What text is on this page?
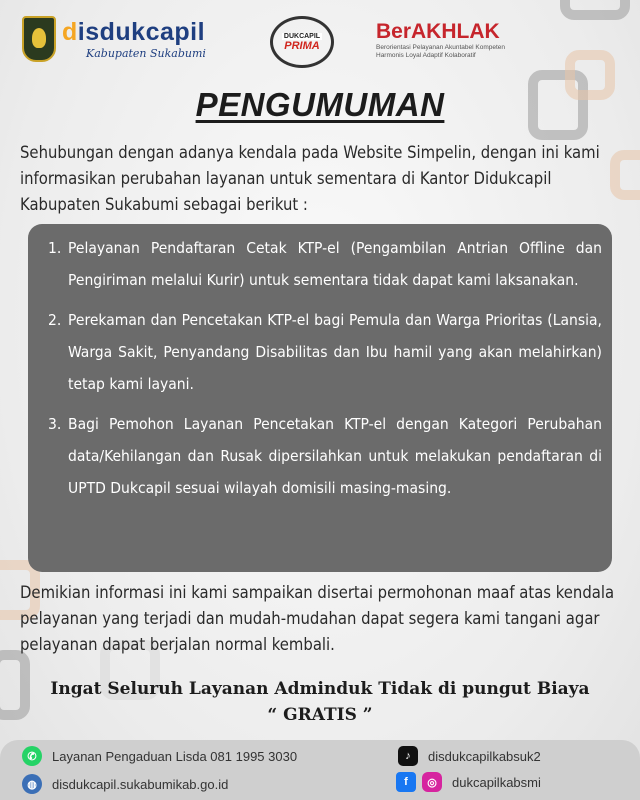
disdukcapil
Kabupaten Sukabumi
DUKCAPIL
PRIMA
BerAKHLAK
Berorientasi Pelayanan Akuntabel Kompeten
Harmonis Loyal Adaptif Kolaboratif
PENGUMUMAN
Sehubungan dengan adanya kendala pada Website Simpelin, dengan ini kami informasikan perubahan layanan untuk sementara di Kantor Didukcapil Kabupaten Sukabumi sebagai berikut :
1. Pelayanan Pendaftaran Cetak KTP-el (Pengambilan Antrian Offline dan Pengiriman melalui Kurir) untuk sementara tidak dapat kami laksanakan.
2. Perekaman dan Pencetakan KTP-el bagi Pemula dan Warga Prioritas (Lansia, Warga Sakit, Penyandang Disabilitas dan Ibu hamil yang akan melahirkan) tetap kami layani.
3. Bagi Pemohon Layanan Pencetakan KTP-el dengan Kategori Perubahan data/Kehilangan dan Rusak dipersilahkan untuk melakukan pendaftaran di UPTD Dukcapil sesuai wilayah domisili masing-masing.
Demikian informasi ini kami sampaikan disertai permohonan maaf atas kendala pelayanan yang terjadi dan mudah-mudahan dapat segera kami tangani agar pelayanan dapat berjalan normal kembali.
Ingat Seluruh Layanan Adminduk Tidak di pungut Biaya
“ GRATIS ”
✆	Layanan Pengaduan Lisda 081 1995 3030
◍	disdukcapil.sukabumikab.go.id
♪	disdukcapilkabsuk2
f	◎	dukcapilkabsmi
